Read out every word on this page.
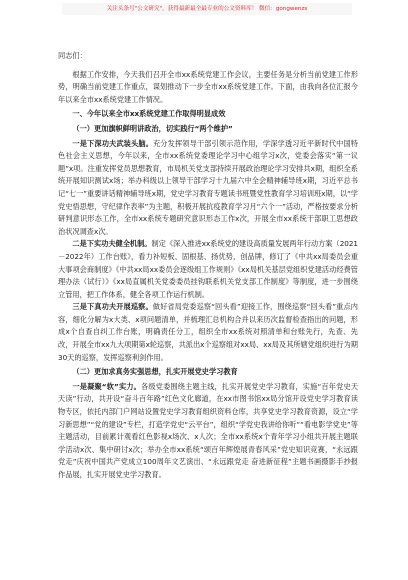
关注头条号"公文研究"，获得最新最全最专业的公文资料库！ 微信：gongwenzs

同志们：

根据工作安排，今天我们召开全市xx系统党建工作会议，主要任务是分析当前党建工作形势，明确当前党建工作重点，谋划推动下一步全市xx系统党建工作。下面，由我向各位汇报今年以来全市xx系统党建工作情况。

一、今年以来全市xx系统党建工作取得明显成效

（一）更加旗帜鲜明讲政治，切实践行“两个维护”

一是下深功夫武装头脑。充分发挥领导干部引领示范作用，学深学透习近平新时代中国特色社会主义思想，今年以来，全市xx系统党委理论学习中心组学习x次，党委会落实“第一议题”x项。注重发挥党员思想教育，市局机关党支部持续开展政治理论学习安排共x期，组织全系统开展知识测试x场；举办科级以上领导干部学习十九届六中全会精神辅导班x期，习近平总书记“七一”重要讲话精神辅导班x期，党史学习教育专题读书班暨党性教育学习培训班x期，以“学党史悟思想，守纪律作表率”为主题，积极开展抗疫教育学习月“六个一”活动，严格按要求分析研判意识形态工作，全市xx系统专题研究意识形态工作x次，开展全市xx系统干部职工思想政治状况调查x次。

二是下实功夫健全机制。制定《深入推进xx系统党的建设高质量发展两年行动方案（2021－2022年）工作台账》，看力补短板、固根基、扬优势，创品牌，修订了《中共xx局委员会重大事项会商制度》《中共xx局xx委员会逐级组工作规则》《xx局机关基层党组织党建活动经费管理办法（试行）》《xx局直属机关党委委员挂钩联系机关党支部工作制度》等制度，进一步围绕立管用，把工作体系，健全各项工作运行机制。

三是下真功夫开展巡察。做好省局党委巡察“回头看”迎接工作，围绕巡察“回头看”重点内容，细化分解为x大类、x项问题清单，并梳理汇总机构合并以来历次监督检查指出的问题，形成x个自查自纠工作台账，明确责任分工，组织全市xx系统对照清单和台账先行，先查、先改，开展全市xx九大项期第x轮巡察，共派出x个巡察组对xx局、xx局及其所辖党组织进行为期30天的巡察，发挥巡察利剑作用。

（二）更加求真务实强思想，扎实开展党史学习教育

一是凝聚“软”实力。各级党委围绕主题主线，扎实开展党史学习教育，实施“百年党史天天读”行动，共开设“奋斗百年路”红色文化廊道，在xx市图书馆xx局分馆开设党史学习教育读物专区，依托内部门户网站设置党史学习教育组织资料仓库，共享党史学习教育资源，设立“学习新思想”“党的建设”专栏，打造学党史“云平台”，组织“学党史我讲给你听”“看电影学党史”等主题活动，目前累计观看红色影视x场次、x人次；全市xx系统x个青年学习小组共开展主题联学活动x次、集中研讨x次；举办全市xx系统“颂百年辉煌展青春风采”党史知识竞赛，“永远跟党走”庆祝中国共产党成立100周年文艺演出、“永远跟党走 奋进新征程”主题书画摄影手抄报作品展，扎实开展党史学习教育。
